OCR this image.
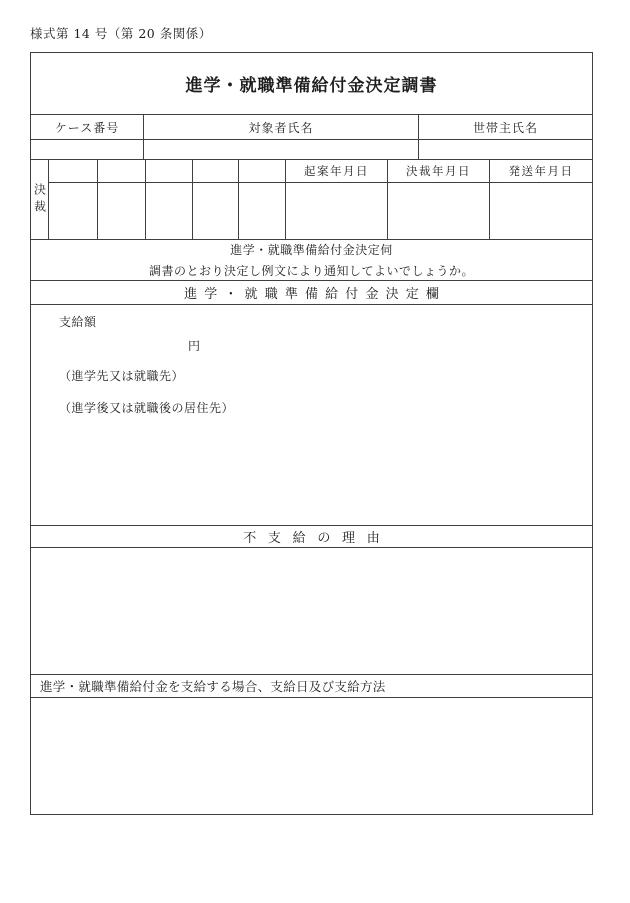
様式第 14 号（第 20 条関係）
進学・就職準備給付金決定調書
ケース番号	対象者氏名	世帯主氏名
決裁
起案年月日	決裁年月日	発送年月日
進学・就職準備給付金決定伺
調書のとおり決定し例文により通知してよいでしょうか。
進学・就職準備給付金決定欄
支給額
円
（進学先又は就職先）
（進学後又は就職後の居住先）
不支給の理由
進学・就職準備給付金を支給する場合、支給日及び支給方法
